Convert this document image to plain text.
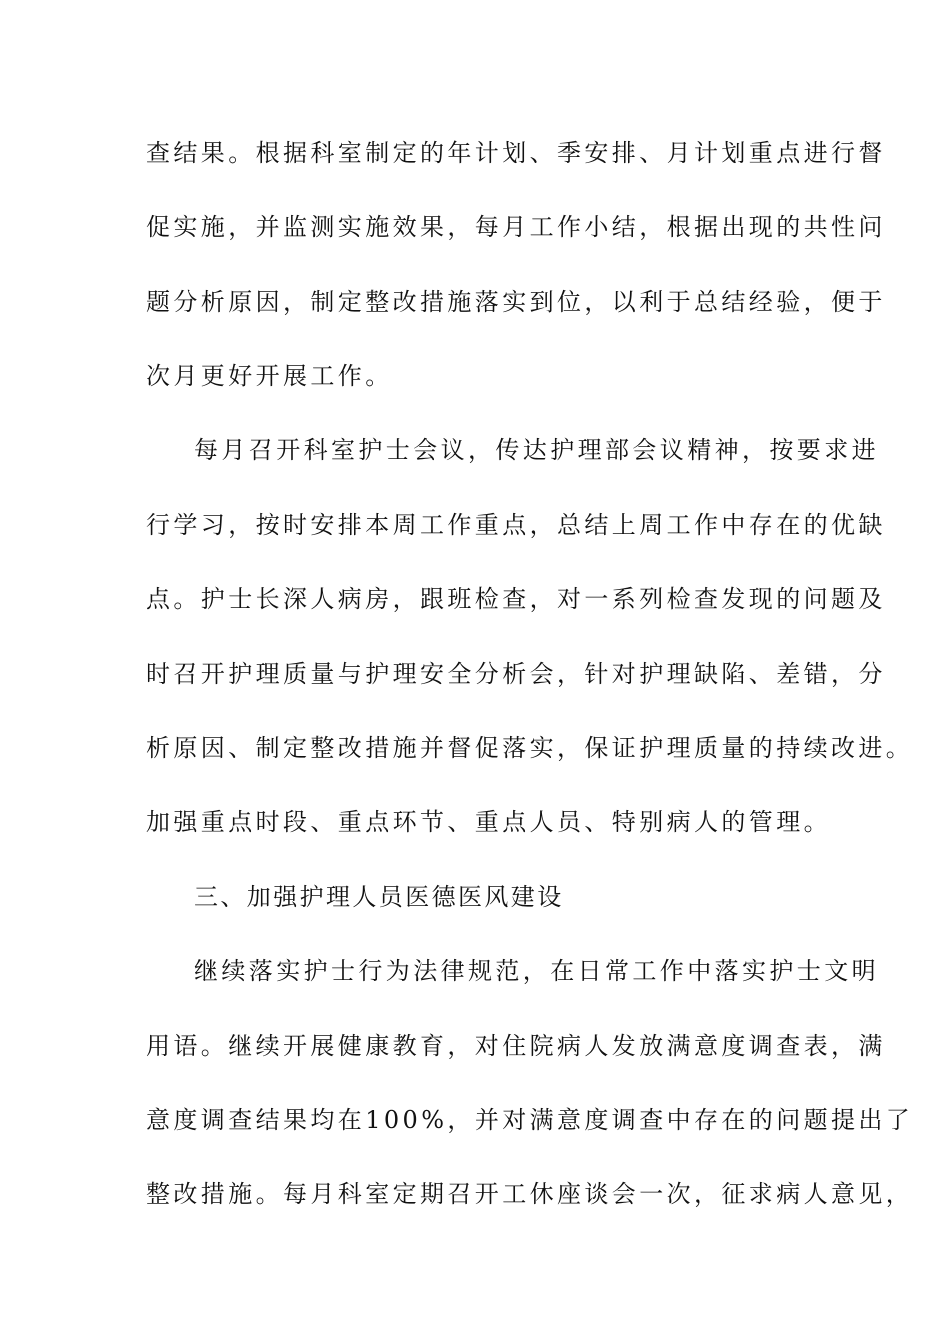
查结果。根据科室制定的年计划、季安排、月计划重点进行督
促实施，并监测实施效果，每月工作小结，根据出现的共性问
题分析原因，制定整改措施落实到位，以利于总结经验，便于
次月更好开展工作。
每月召开科室护士会议，传达护理部会议精神，按要求进
行学习，按时安排本周工作重点，总结上周工作中存在的优缺
点。护士长深人病房，跟班检查，对一系列检查发现的问题及
时召开护理质量与护理安全分析会，针对护理缺陷、差错，分
析原因、制定整改措施并督促落实，保证护理质量的持续改进。
加强重点时段、重点环节、重点人员、特别病人的管理。
三、加强护理人员医德医风建设
继续落实护士行为法律规范，在日常工作中落实护士文明
用语。继续开展健康教育，对住院病人发放满意度调查表，满
意度调查结果均在100%，并对满意度调查中存在的问题提出了
整改措施。每月科室定期召开工休座谈会一次，征求病人意见，
